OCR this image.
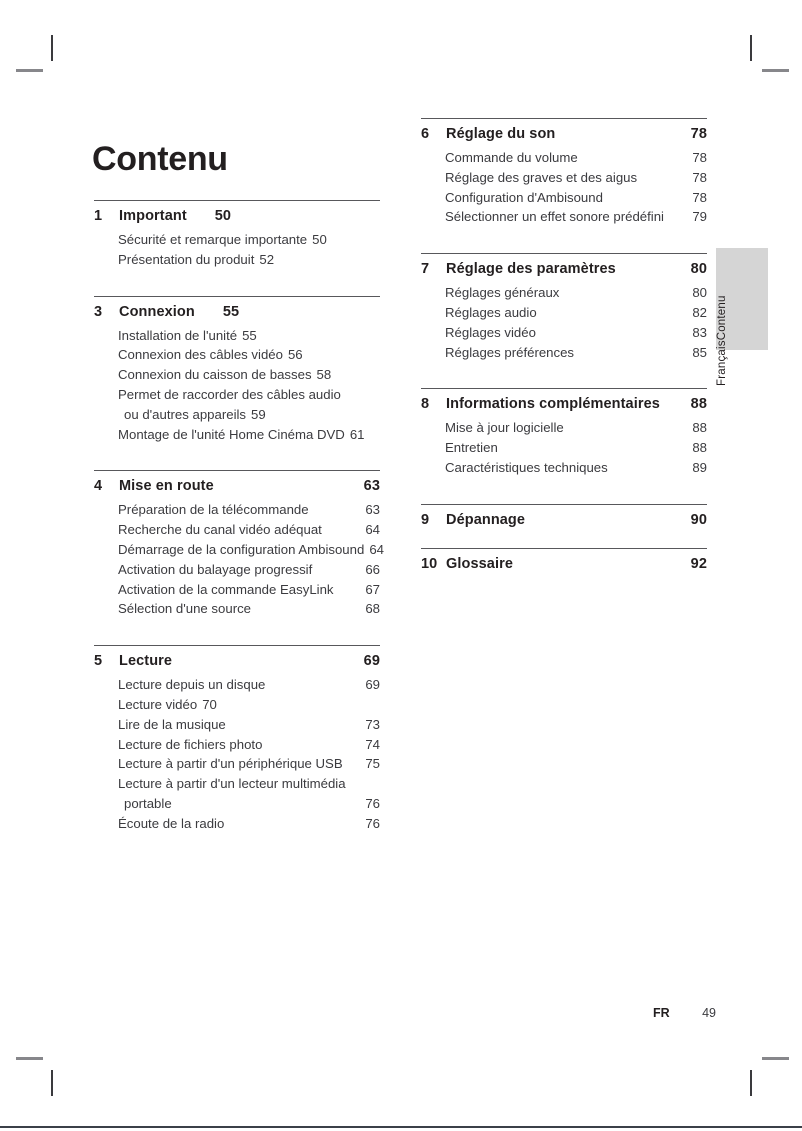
Contenu
1	Important 50
Sécurité et remarque importante 50
Présentation du produit 52
3	Connexion 55
Installation de l'unité 55
Connexion des câbles vidéo 56
Connexion du caisson de basses 58
Permet de raccorder des câbles audio
ou d'autres appareils 59
Montage de l'unité Home Cinéma DVD 61
4	Mise en route	63
Préparation de la télécommande	63
Recherche du canal vidéo adéquat	64
Démarrage de la configuration Ambisound 64
Activation du balayage progressif	66
Activation de la commande EasyLink	67
Sélection d'une source	68
5	Lecture	69
Lecture depuis un disque	69
Lecture vidéo 70
Lire de la musique	73
Lecture de fichiers photo	74
Lecture à partir d'un périphérique USB	75
Lecture à partir d'un lecteur multimédia
portable	76
Écoute de la radio	76
6	Réglage du son	78
Commande du volume	78
Réglage des graves et des aigus	78
Configuration d'Ambisound	78
Sélectionner un effet sonore prédéfini	79
7	Réglage des paramètres	80
Réglages généraux	80
Réglages audio	82
Réglages vidéo	83
Réglages préférences	85
8	Informations complémentaires	88
Mise à jour logicielle	88
Entretien	88
Caractéristiques techniques	89
9	Dépannage	90
10 Glossaire	92
FrançaisContenu
FR	49
